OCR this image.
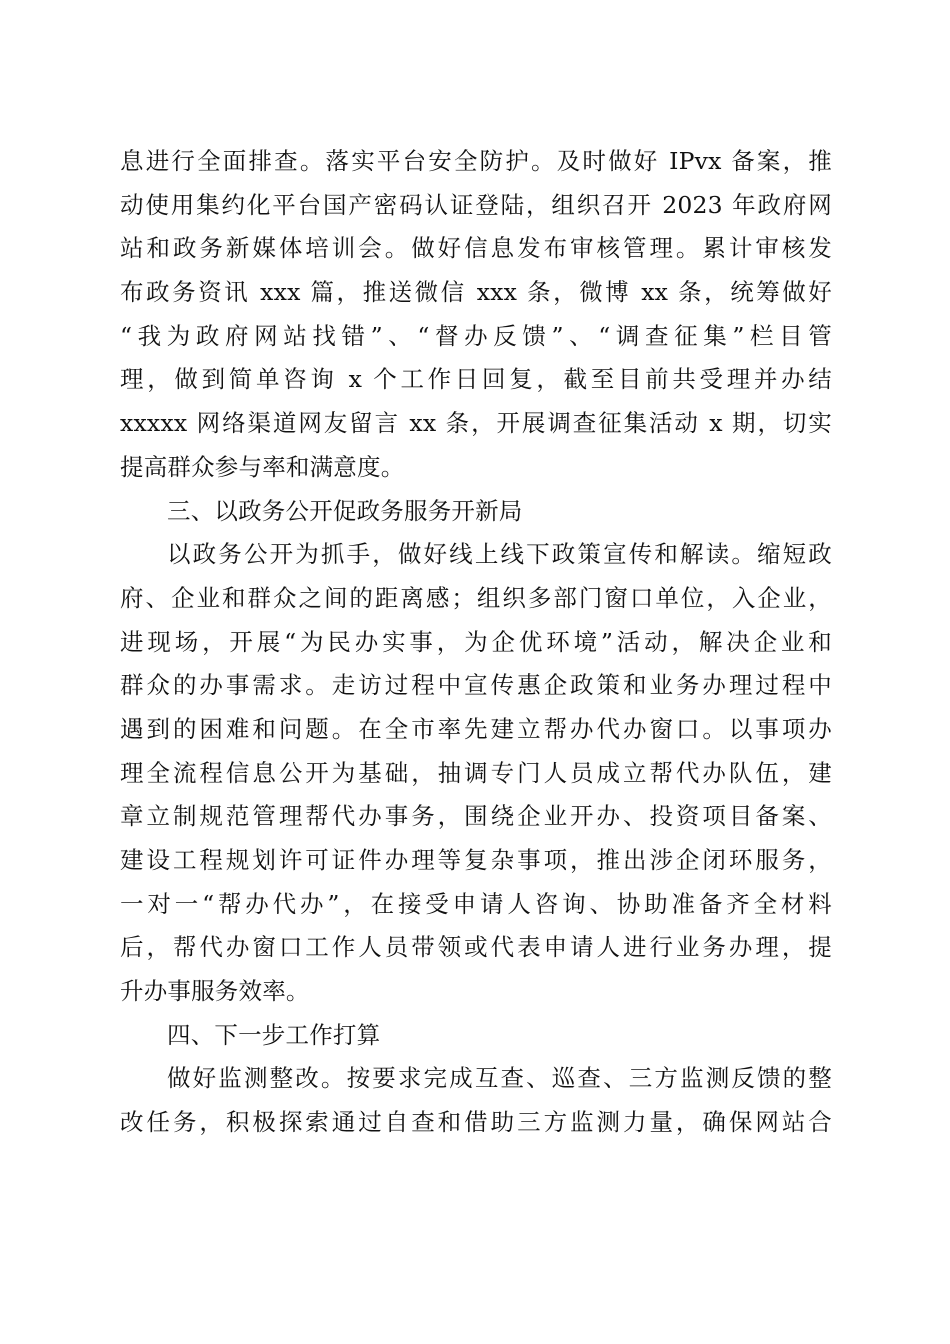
息进行全面排查。落实平台安全防护。及时做好 IPvx 备案，推
动使用集约化平台国产密码认证登陆，组织召开 2023 年政府网
站和政务新媒体培训会。做好信息发布审核管理。累计审核发
布政务资讯 xxx 篇，推送微信 xxx 条，微博 xx 条，统筹做好
“我为政府网站找错”、“督办反馈”、“调查征集”栏目管
理，做到简单咨询 x 个工作日回复，截至目前共受理并办结
xxxxx 网络渠道网友留言 xx 条，开展调查征集活动 x 期，切实
提高群众参与率和满意度。
三、以政务公开促政务服务开新局
以政务公开为抓手，做好线上线下政策宣传和解读。缩短政
府、企业和群众之间的距离感；组织多部门窗口单位，入企业，
进现场，开展“为民办实事，为企优环境”活动，解决企业和
群众的办事需求。走访过程中宣传惠企政策和业务办理过程中
遇到的困难和问题。在全市率先建立帮办代办窗口。以事项办
理全流程信息公开为基础，抽调专门人员成立帮代办队伍，建
章立制规范管理帮代办事务，围绕企业开办、投资项目备案、
建设工程规划许可证件办理等复杂事项，推出涉企闭环服务，
一对一“帮办代办”，在接受申请人咨询、协助准备齐全材料
后，帮代办窗口工作人员带领或代表申请人进行业务办理，提
升办事服务效率。
四、下一步工作打算
做好监测整改。按要求完成互查、巡查、三方监测反馈的整
改任务，积极探索通过自查和借助三方监测力量，确保网站合
